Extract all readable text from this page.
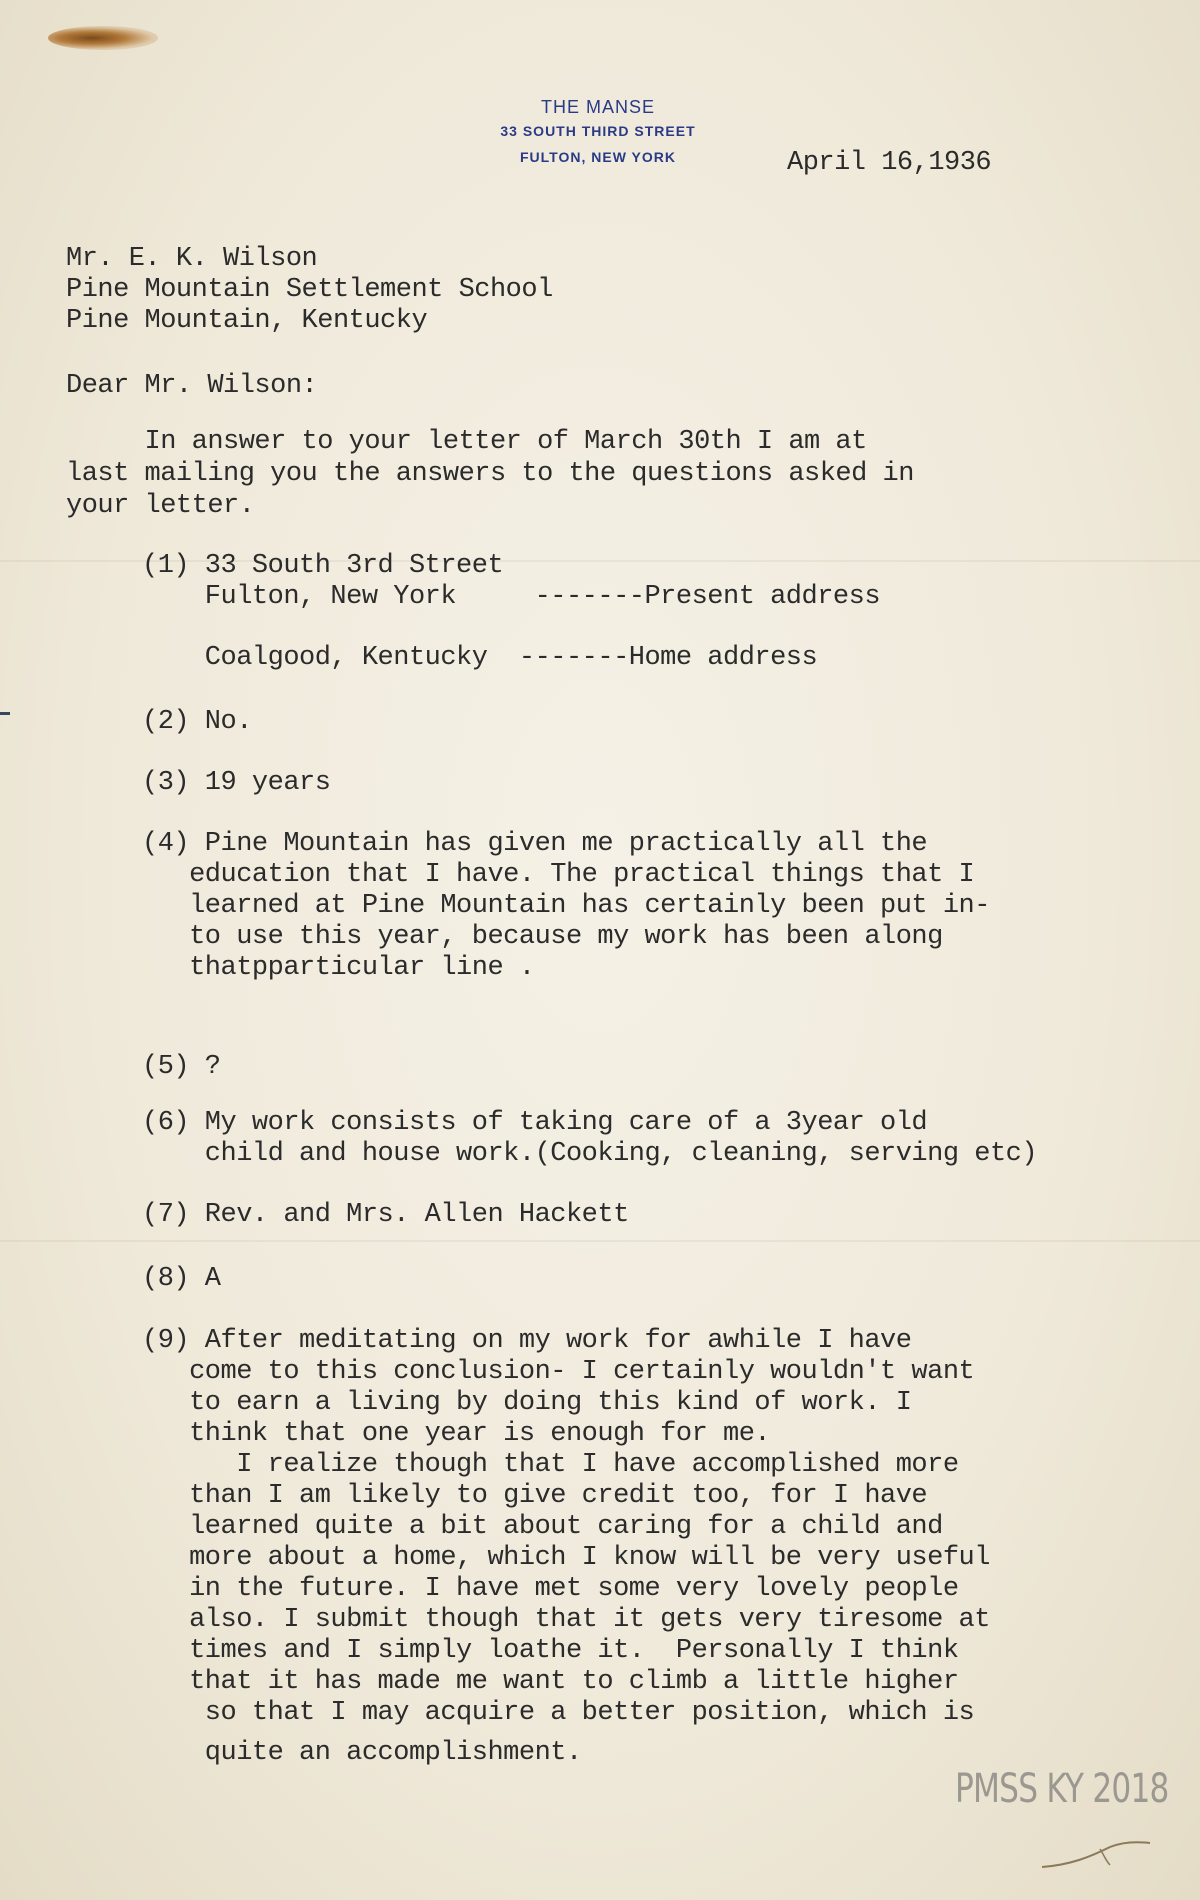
THE MANSE
33 SOUTH THIRD STREET
FULTON, NEW YORK	April 16,1936
Mr. E. K. Wilson
Pine Mountain Settlement School
Pine Mountain, Kentucky
Dear Mr. Wilson:
In answer to your letter of March 30th I am at
last mailing you the answers to the questions asked in
your letter.
(1) 33 South 3rd Street
Fulton, New York     -------Present address
Coalgood, Kentucky  -------Home address
(2) No.
(3) 19 years
(4) Pine Mountain has given me practically all the
education that I have. The practical things that I
learned at Pine Mountain has certainly been put in-
to use this year, because my work has been along
thatpparticular line .
(5) ?
(6) My work consists of taking care of a 3year old
child and house work.(Cooking, cleaning, serving etc)
(7) Rev. and Mrs. Allen Hackett
(8) A
(9) After meditating on my work for awhile I have
come to this conclusion- I certainly wouldn't want
to earn a living by doing this kind of work. I
think that one year is enough for me.
I realize though that I have accomplished more
than I am likely to give credit too, for I have
learned quite a bit about caring for a child and
more about a home, which I know will be very useful
in the future. I have met some very lovely people
also. I submit though that it gets very tiresome at
times and I simply loathe it.  Personally I think
that it has made me want to climb a little higher
so that I may acquire a better position, which is
quite an accomplishment.
PMSS KY 2018
